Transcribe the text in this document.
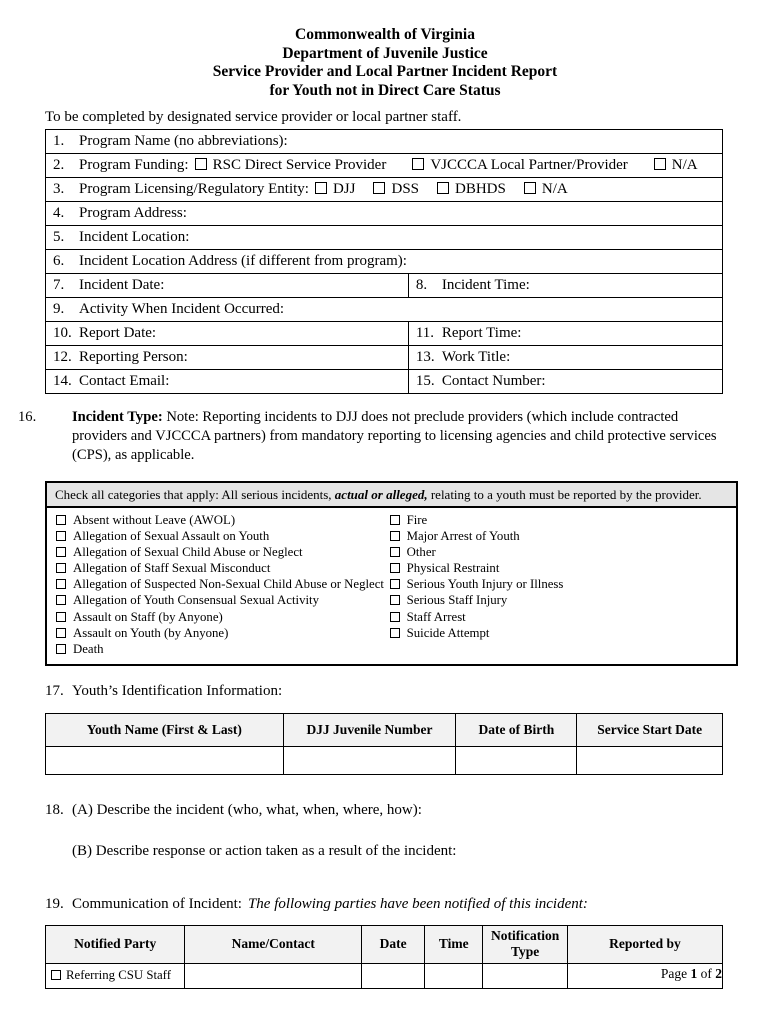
Commonwealth of Virginia
Department of Juvenile Justice
Service Provider and Local Partner Incident Report
for Youth not in Direct Care Status
To be completed by designated service provider or local partner staff.
1. Program Name (no abbreviations):	
2. Program Funding: RSC Direct Service Provider VJCCCA Local Partner/Provider N/A	
3. Program Licensing/Regulatory Entity: DJJ DSS DBHDS N/A	
4. Program Address:	
5. Incident Location:	
6. Incident Location Address (if different from program):	
7. Incident Date:	8. Incident Time:
9. Activity When Incident Occurred:	
10. Report Date:	11. Report Time:
12. Reporting Person:	13. Work Title:
14. Contact Email:	15. Contact Number:
16. Incident Type: Note: Reporting incidents to DJJ does not preclude providers (which include contracted providers and VJCCCA partners) from mandatory reporting to licensing agencies and child protective services (CPS), as applicable.
Check all categories that apply: All serious incidents, actual or alleged, relating to a youth must be reported by the provider.
Absent without Leave (AWOL)
Allegation of Sexual Assault on Youth
Allegation of Sexual Child Abuse or Neglect
Allegation of Staff Sexual Misconduct
Allegation of Suspected Non-Sexual Child Abuse or Neglect
Allegation of Youth Consensual Sexual Activity
Assault on Staff (by Anyone)
Assault on Youth (by Anyone)
Death
Fire
Major Arrest of Youth
Other
Physical Restraint
Serious Youth Injury or Illness
Serious Staff Injury
Staff Arrest
Suicide Attempt
17. Youth’s Identification Information:
Youth Name (First & Last)	DJJ Juvenile Number	Date of Birth	Service Start Date

18. (A) Describe the incident (who, what, when, where, how):
(B) Describe response or action taken as a result of the incident:
19. Communication of Incident: The following parties have been notified of this incident:
Notified Party	Name/Contact	Date	Time	Notification Type	Reported by
Referring CSU Staff						Page 1 of 2
